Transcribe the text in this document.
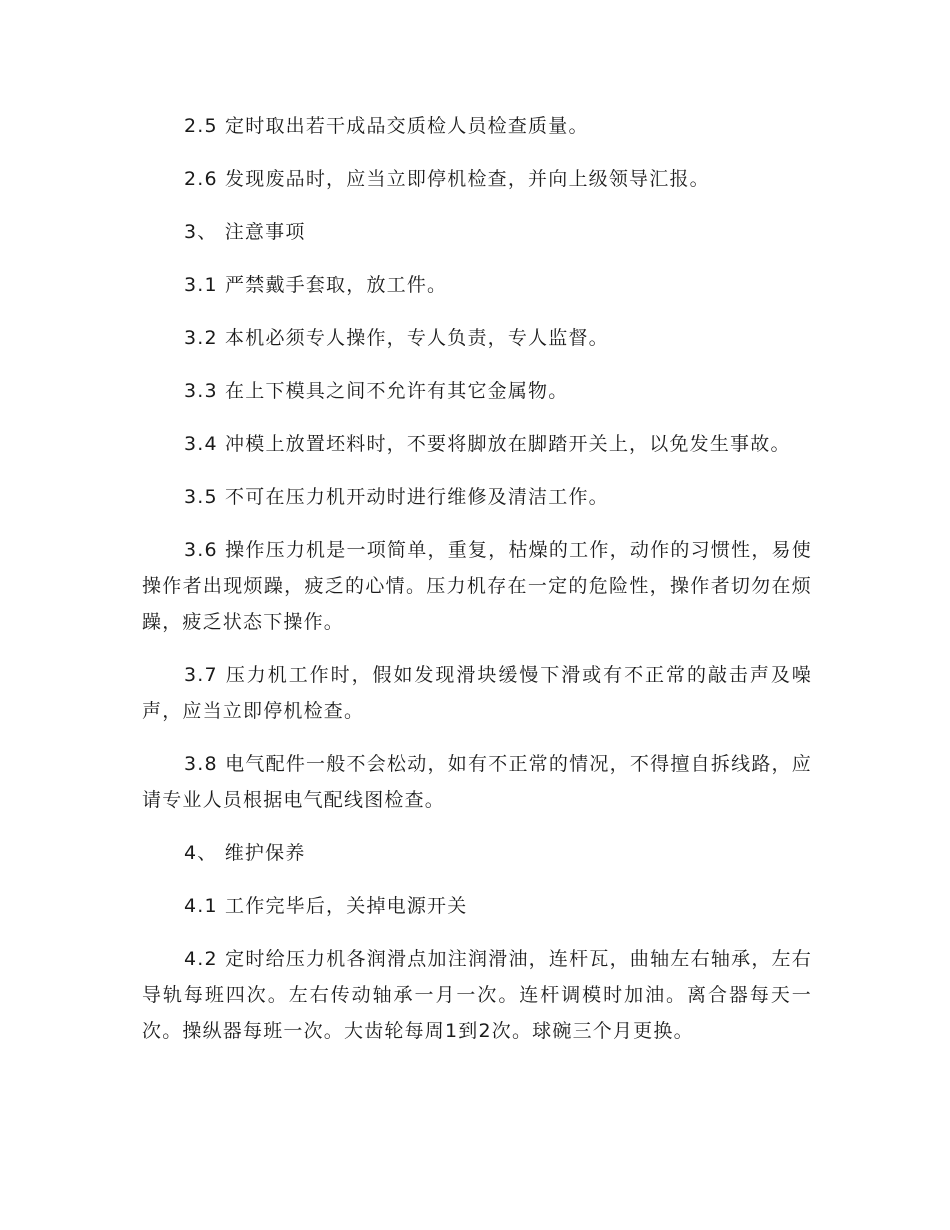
2.5 定时取出若干成品交质检人员检查质量。

2.6 发现废品时，应当立即停机检查，并向上级领导汇报。

3、 注意事项

3.1 严禁戴手套取，放工件。

3.2 本机必须专人操作，专人负责，专人监督。

3.3 在上下模具之间不允许有其它金属物。

3.4 冲模上放置坯料时，不要将脚放在脚踏开关上，以免发生事故。

3.5 不可在压力机开动时进行维修及清洁工作。

3.6 操作压力机是一项简单，重复，枯燥的工作，动作的习惯性，易使操作者出现烦躁，疲乏的心情。压力机存在一定的危险性，操作者切勿在烦躁，疲乏状态下操作。

3.7 压力机工作时，假如发现滑块缓慢下滑或有不正常的敲击声及噪声，应当立即停机检查。

3.8 电气配件一般不会松动，如有不正常的情况，不得擅自拆线路，应请专业人员根据电气配线图检查。

4、 维护保养

4.1 工作完毕后，关掉电源开关

4.2 定时给压力机各润滑点加注润滑油，连杆瓦，曲轴左右轴承，左右导轨每班四次。左右传动轴承一月一次。连杆调模时加油。离合器每天一次。操纵器每班一次。大齿轮每周1到2次。球碗三个月更换。
